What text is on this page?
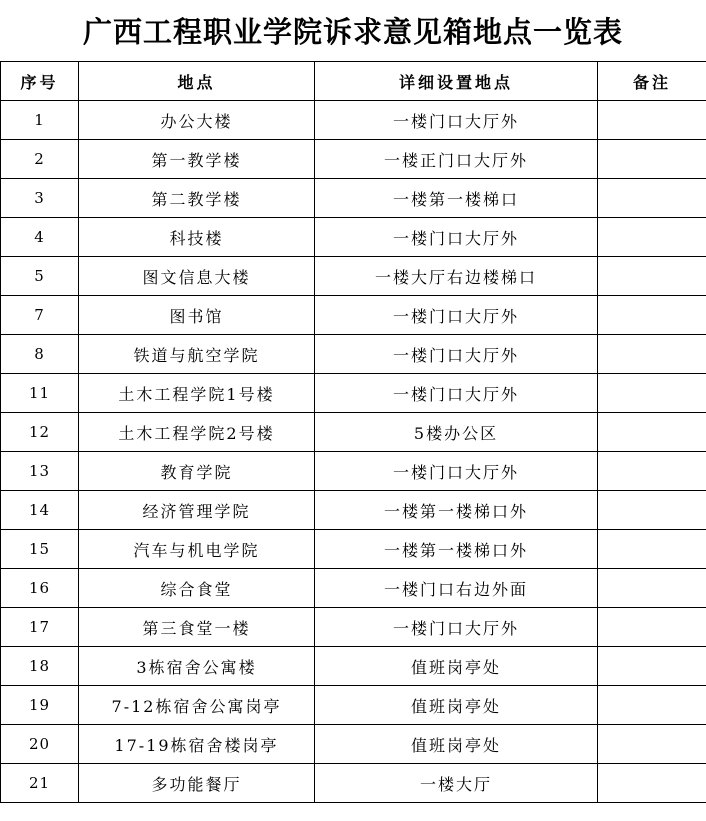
广西工程职业学院诉求意见箱地点一览表
序号	地点	详细设置地点	备注
1	办公大楼	一楼门口大厅外	
2	第一教学楼	一楼正门口大厅外	
3	第二教学楼	一楼第一楼梯口	
4	科技楼	一楼门口大厅外	
5	图文信息大楼	一楼大厅右边楼梯口	
7	图书馆	一楼门口大厅外	
8	铁道与航空学院	一楼门口大厅外	
11	土木工程学院1号楼	一楼门口大厅外	
12	土木工程学院2号楼	5楼办公区	
13	教育学院	一楼门口大厅外	
14	经济管理学院	一楼第一楼梯口外	
15	汽车与机电学院	一楼第一楼梯口外	
16	综合食堂	一楼门口右边外面	
17	第三食堂一楼	一楼门口大厅外	
18	3栋宿舍公寓楼	值班岗亭处	
19	7-12栋宿舍公寓岗亭	值班岗亭处	
20	17-19栋宿舍楼岗亭	值班岗亭处	
21	多功能餐厅	一楼大厅	
